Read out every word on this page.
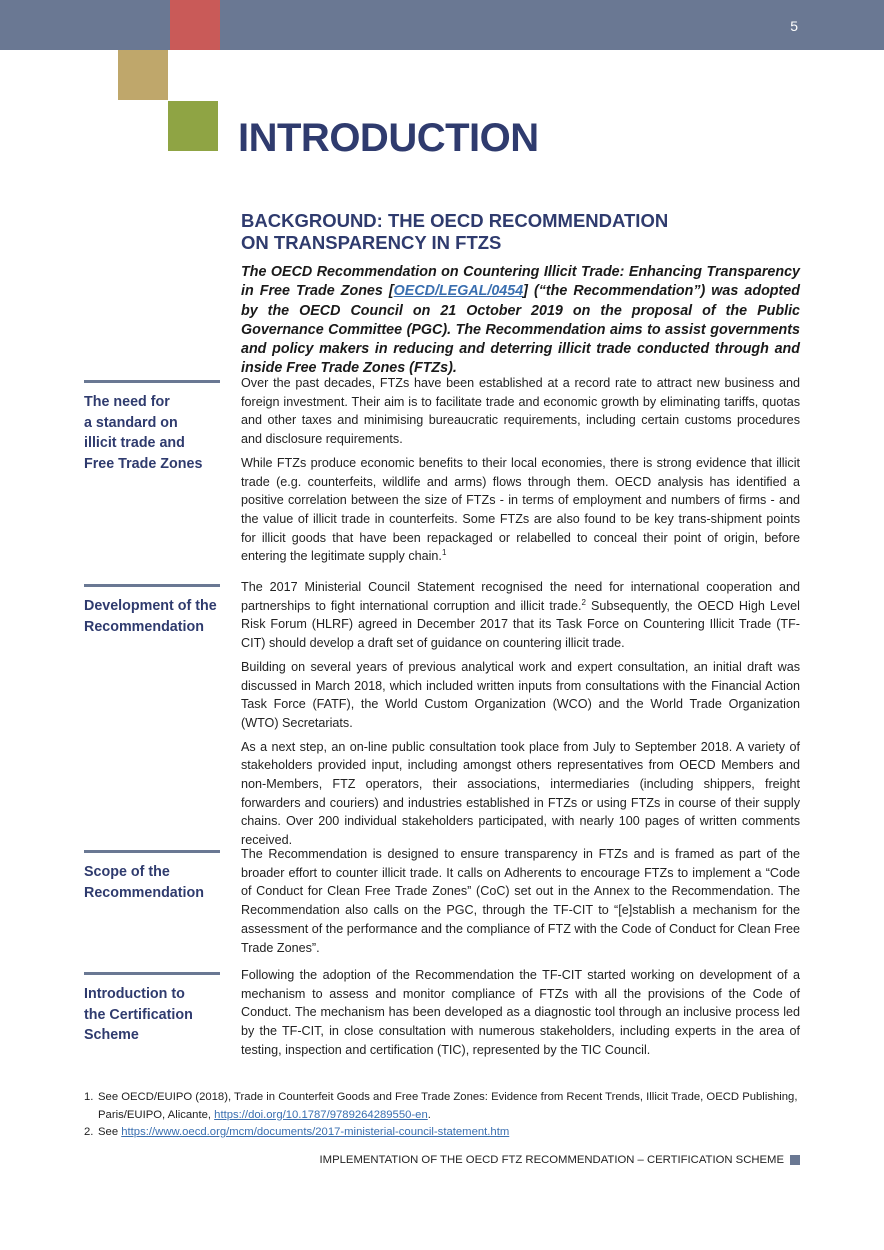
5
INTRODUCTION
BACKGROUND: THE OECD RECOMMENDATION
ON TRANSPARENCY IN FTZS

The OECD Recommendation on Countering Illicit Trade: Enhancing Transparency in Free Trade Zones [OECD/LEGAL/0454] (“the Recommendation”) was adopted by the OECD Council on 21 October 2019 on the proposal of the Public Governance Committee (PGC). The Recommendation aims to assist governments and policy makers in reducing and deterring illicit trade conducted through and inside Free Trade Zones (FTZs).

The need for
a standard on
illicit trade and
Free Trade Zones

Over the past decades, FTZs have been established at a record rate to attract new business and foreign investment. Their aim is to facilitate trade and economic growth by eliminating tariffs, quotas and other taxes and minimising bureaucratic requirements, including certain customs procedures and disclosure requirements.

While FTZs produce economic benefits to their local economies, there is strong evidence that illicit trade (e.g. counterfeits, wildlife and arms) flows through them. OECD analysis has identified a positive correlation between the size of FTZs - in terms of employment and numbers of firms - and the value of illicit trade in counterfeits. Some FTZs are also found to be key trans-shipment points for illicit goods that have been repackaged or relabelled to conceal their point of origin, before entering the legitimate supply chain.$^1$

Development of the
Recommendation

The 2017 Ministerial Council Statement recognised the need for international cooperation and partnerships to fight international corruption and illicit trade.$^2$ Subsequently, the OECD High Level Risk Forum (HLRF) agreed in December 2017 that its Task Force on Countering Illicit Trade (TF-CIT) should develop a draft set of guidance on countering illicit trade.

Building on several years of previous analytical work and expert consultation, an initial draft was discussed in March 2018, which included written inputs from consultations with the Financial Action Task Force (FATF), the World Custom Organization (WCO) and the World Trade Organization (WTO) Secretariats.

As a next step, an on-line public consultation took place from July to September 2018. A variety of stakeholders provided input, including amongst others representatives from OECD Members and non-Members, FTZ operators, their associations, intermediaries (including shippers, freight forwarders and couriers) and industries established in FTZs or using FTZs in course of their supply chains. Over 200 individual stakeholders participated, with nearly 100 pages of written comments received.

Scope of the
Recommendation

The Recommendation is designed to ensure transparency in FTZs and is framed as part of the broader effort to counter illicit trade. It calls on Adherents to encourage FTZs to implement a “Code of Conduct for Clean Free Trade Zones” (CoC) set out in the Annex to the Recommendation. The Recommendation also calls on the PGC, through the TF-CIT to “[e]stablish a mechanism for the assessment of the performance and the compliance of FTZ with the Code of Conduct for Clean Free Trade Zones”.

Introduction to
the Certification
Scheme

Following the adoption of the Recommendation the TF-CIT started working on development of a mechanism to assess and monitor compliance of FTZs with all the provisions of the Code of Conduct. The mechanism has been developed as a diagnostic tool through an inclusive process led by the TF-CIT, in close consultation with numerous stakeholders, including experts in the area of testing, inspection and certification (TIC), represented by the TIC Council.

1. See OECD/EUIPO (2018), Trade in Counterfeit Goods and Free Trade Zones: Evidence from Recent Trends, Illicit Trade, OECD Publishing, Paris/EUIPO, Alicante, https://doi.org/10.1787/9789264289550-en.
2. See https://www.oecd.org/mcm/documents/2017-ministerial-council-statement.htm
IMPLEMENTATION OF THE OECD FTZ RECOMMENDATION – CERTIFICATION SCHEME
